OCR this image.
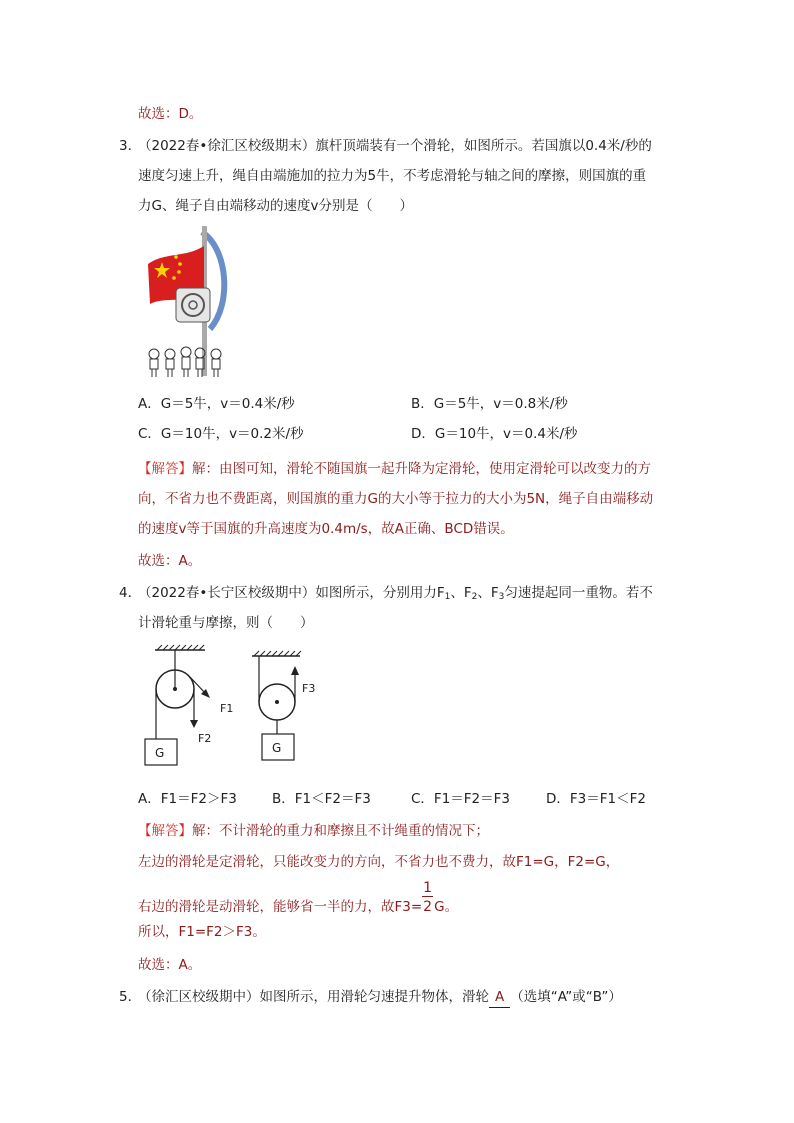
故选：D。
3．
（2022春•徐汇区校级期末）旗杆顶端装有一个滑轮，如图所示。若国旗以0.4米/秒的
速度匀速上升，绳自由端施加的拉力为5牛，不考虑滑轮与轴之间的摩擦，则国旗的重
力G、绳子自由端移动的速度v分别是（　　）
A．G＝5牛，v＝0.4米/秒	B．G＝5牛，v＝0.8米/秒
C．G＝10牛，v＝0.2米/秒	D．G＝10牛，v＝0.4米/秒
【解答】解：由图可知，滑轮不随国旗一起升降为定滑轮，使用定滑轮可以改变力的方
向，不省力也不费距离，则国旗的重力G的大小等于拉力的大小为5N，绳子自由端移动
的速度v等于国旗的升高速度为0.4m/s，故A正确、BCD错误。
故选：A。
4．
（2022春•长宁区校级期中）如图所示，分别用力$F_1$、$F_2$、$F_3$匀速提起同一重物。若不
计滑轮重与摩擦，则（　　）
G
F1
F2
F3
G
A．F1＝F2＞F3	B．F1＜F2＝F3	C．F1＝F2＝F3	D．F3＝F1＜F2
【解答】解：不计滑轮的重力和摩擦且不计绳重的情况下；
左边的滑轮是定滑轮，只能改变力的方向，不省力也不费力，故F1=G，F2=G，
右边的滑轮是动滑轮，能够省一半的力，故$F3= \frac{1}{2}$ G。
所以，F1=F2＞F3。
故选：A。
5．
（徐汇区校级期中）如图所示，用滑轮匀速提升物体，滑轮 A （选填“A”或“B”）
